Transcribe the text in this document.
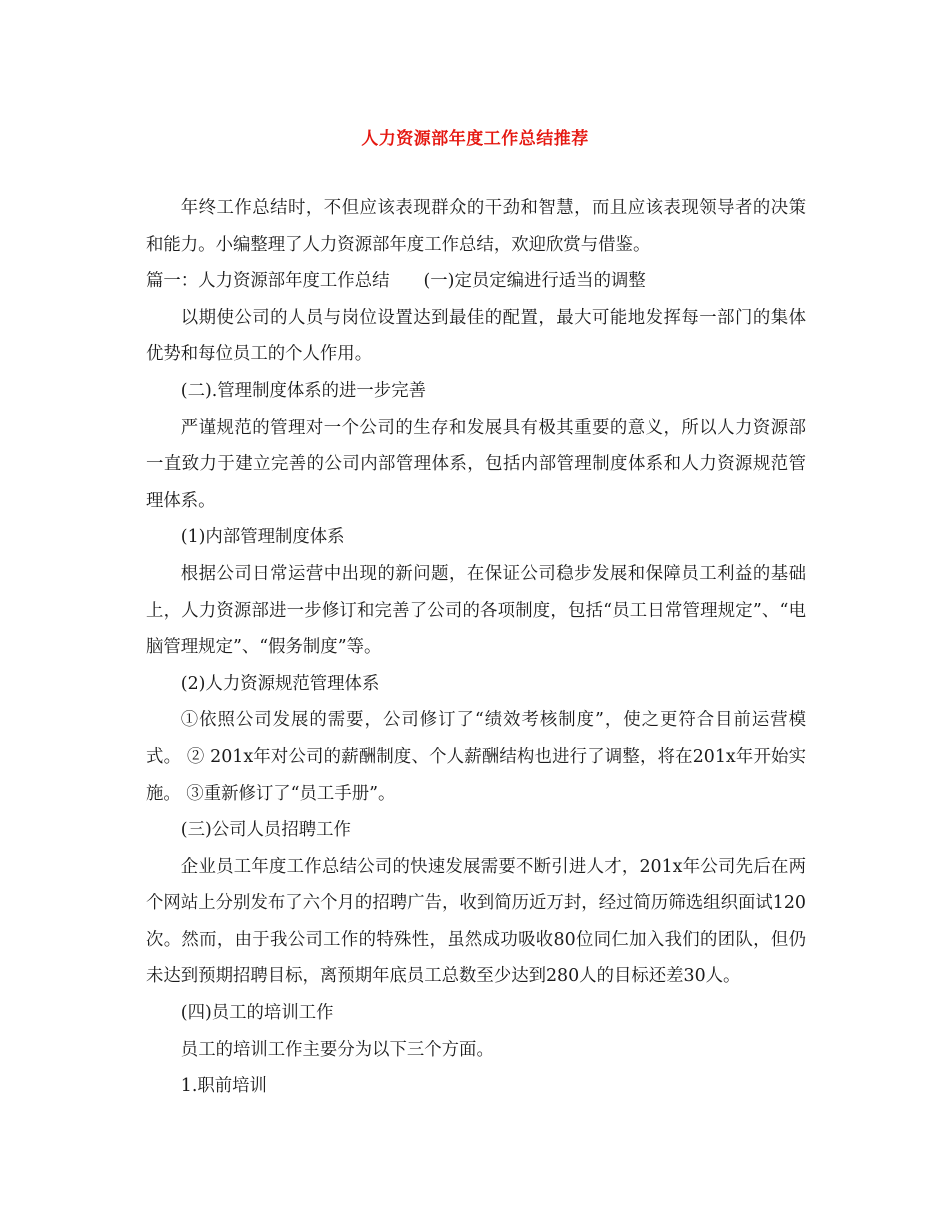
人力资源部年度工作总结推荐

年终工作总结时，不但应该表现群众的干劲和智慧，而且应该表现领导者的决策和能力。小编整理了人力资源部年度工作总结，欢迎欣赏与借鉴。

篇一：人力资源部年度工作总结 (一)定员定编进行适当的调整

以期使公司的人员与岗位设置达到最佳的配置，最大可能地发挥每一部门的集体优势和每位员工的个人作用。

(二).管理制度体系的进一步完善

严谨规范的管理对一个公司的生存和发展具有极其重要的意义，所以人力资源部一直致力于建立完善的公司内部管理体系，包括内部管理制度体系和人力资源规范管理体系。

(1)内部管理制度体系

根据公司日常运营中出现的新问题，在保证公司稳步发展和保障员工利益的基础上，人力资源部进一步修订和完善了公司的各项制度，包括“员工日常管理规定”、“电脑管理规定”、“假务制度”等。

(2)人力资源规范管理体系

①依照公司发展的需要，公司修订了“绩效考核制度”，使之更符合目前运营模式。 ② 201x年对公司的薪酬制度、个人薪酬结构也进行了调整，将在201x年开始实施。 ③重新修订了“员工手册”。

(三)公司人员招聘工作

企业员工年度工作总结公司的快速发展需要不断引进人才，201x年公司先后在两个网站上分别发布了六个月的招聘广告，收到简历近万封，经过简历筛选组织面试120次。然而，由于我公司工作的特殊性，虽然成功吸收80位同仁加入我们的团队，但仍未达到预期招聘目标，离预期年底员工总数至少达到280人的目标还差30人。

(四)员工的培训工作

员工的培训工作主要分为以下三个方面。

1.职前培训
